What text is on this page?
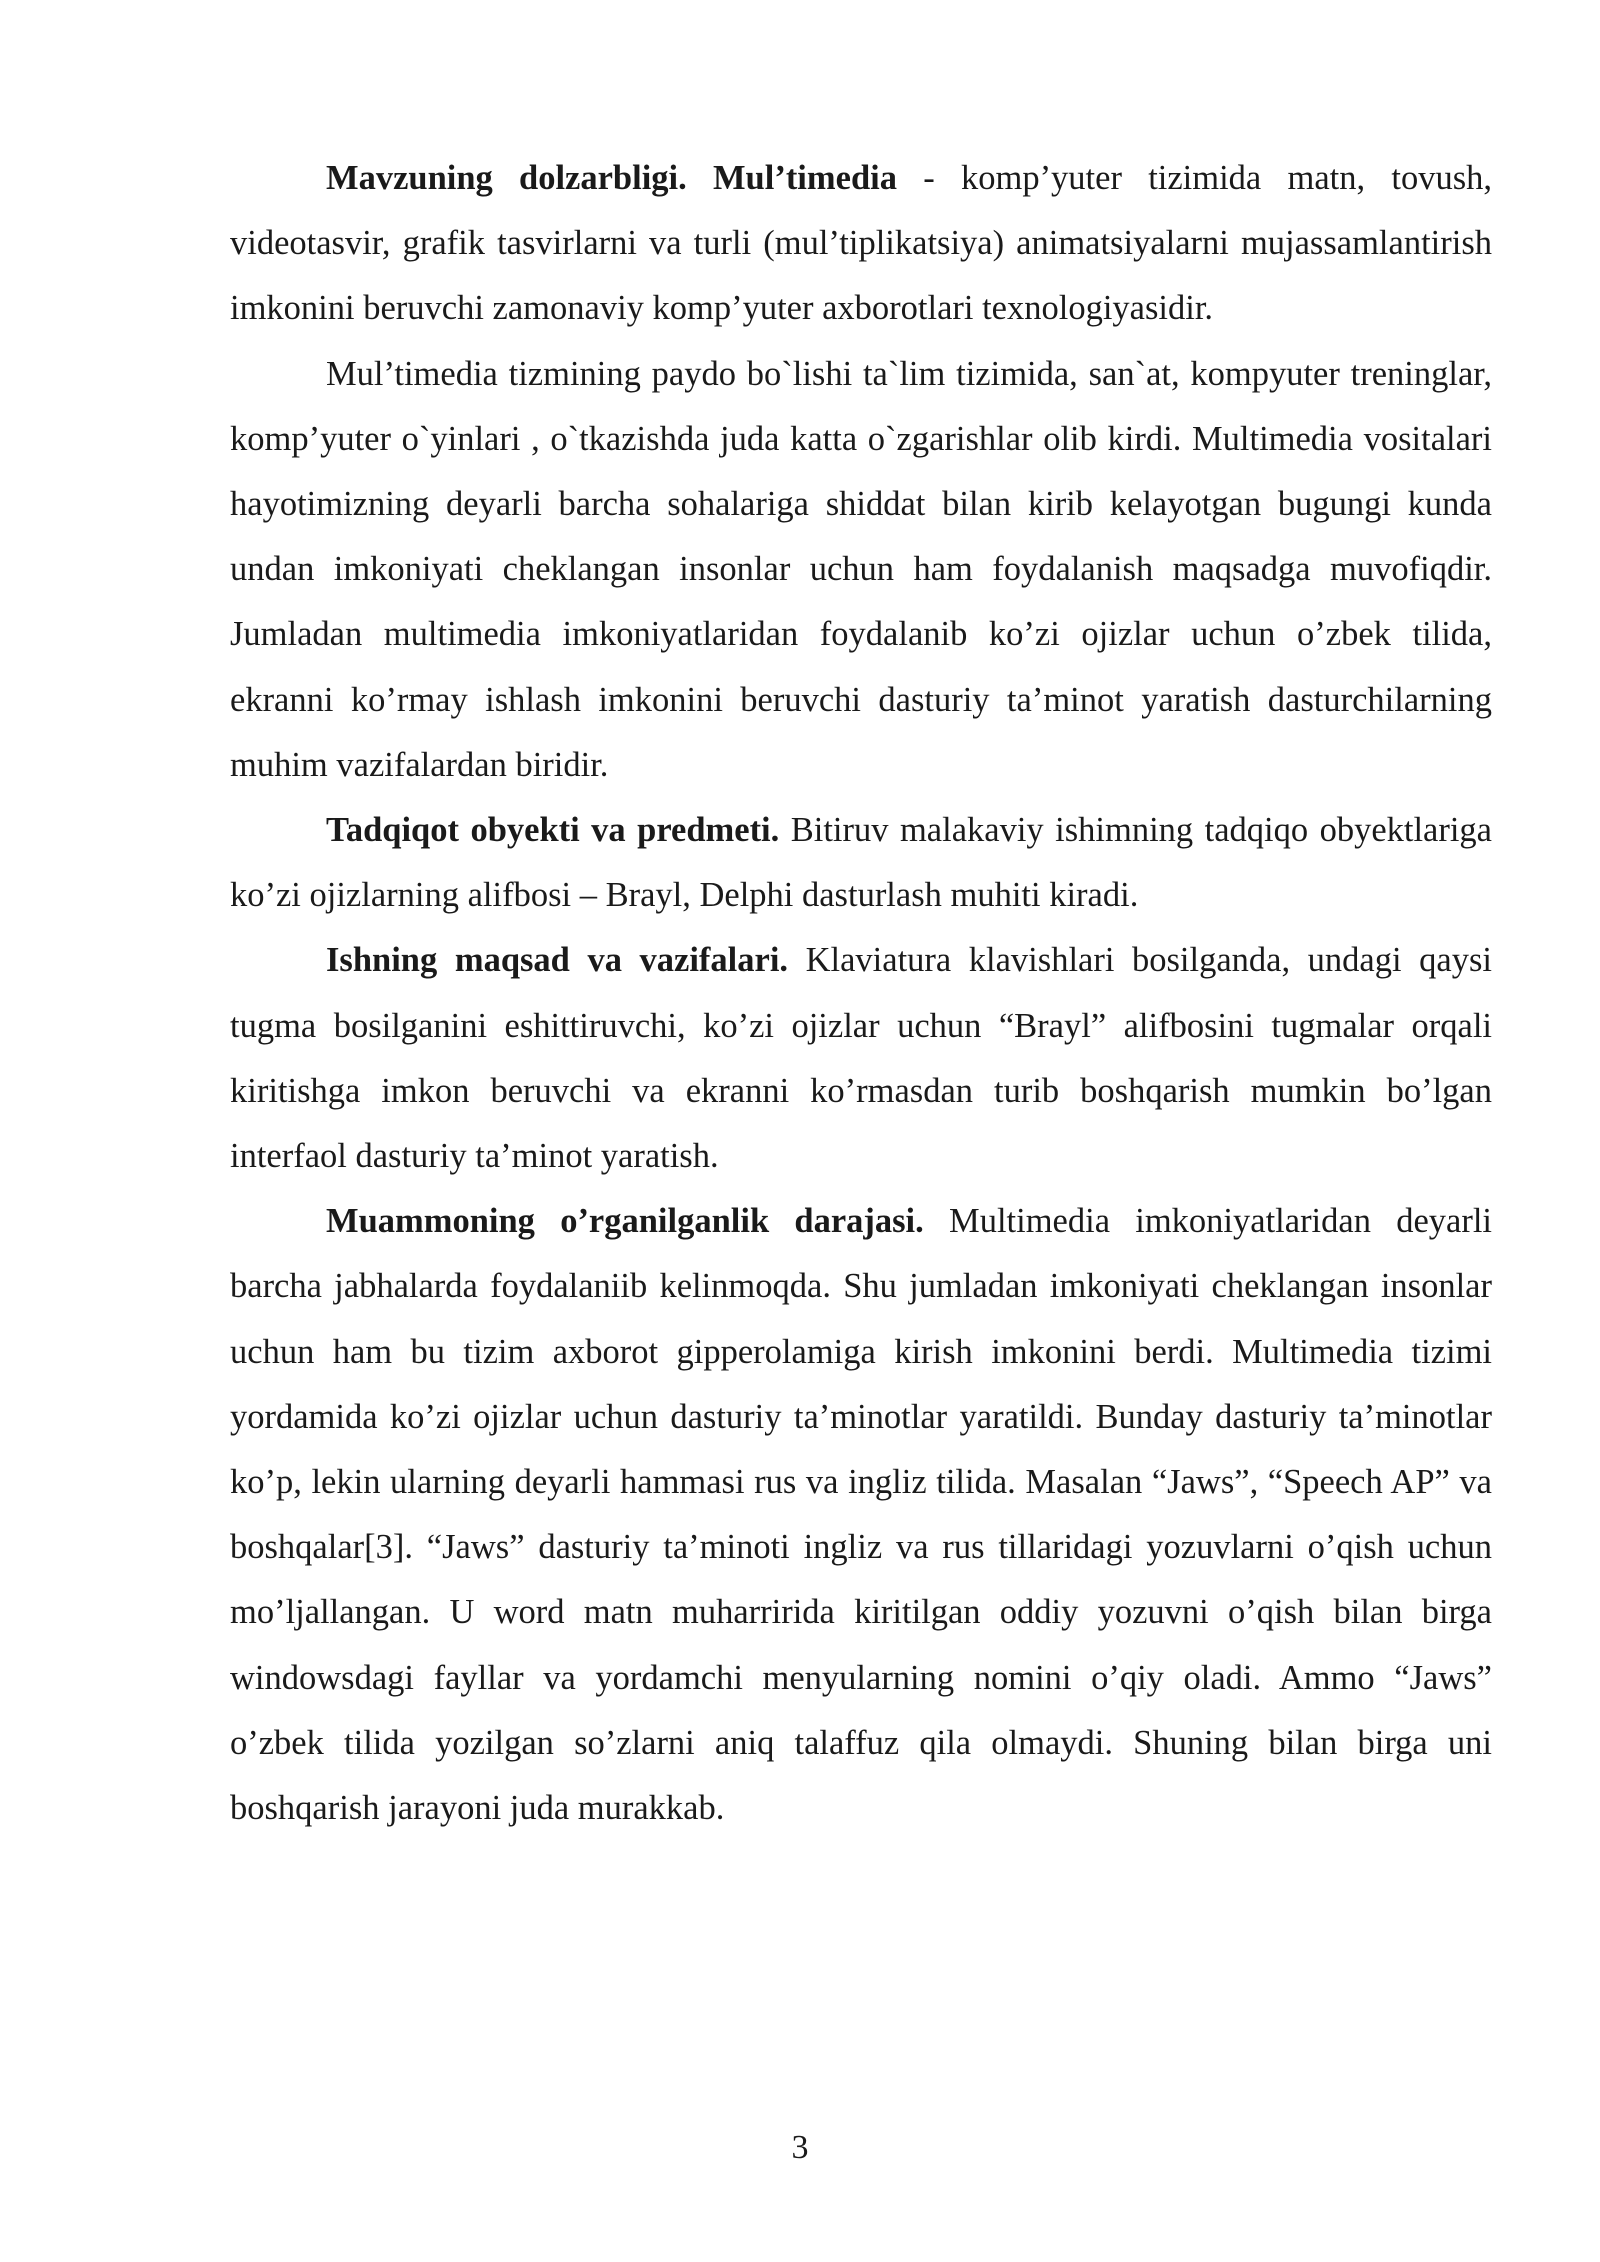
Mavzuning dolzarbligi. Mul’timedia - komp’yuter tizimida matn, tovush, videotasvir, grafik tasvirlarni va turli (mul’tiplikatsiya) animatsiyalarni mujassamlantirish imkonini beruvchi zamonaviy komp’yuter axborotlari texnologiyasidir.

Mul’timedia tizmining paydo bo`lishi ta`lim tizimida, san`at, kompyuter treninglar, komp’yuter o`yinlari , o`tkazishda juda katta o`zgarishlar olib kirdi. Multimedia vositalari hayotimizning deyarli barcha sohalariga shiddat bilan kirib kelayotgan bugungi kunda undan imkoniyati cheklangan insonlar uchun ham foydalanish maqsadga muvofiqdir. Jumladan multimedia imkoniyatlaridan foydalanib ko’zi ojizlar uchun o’zbek tilida, ekranni ko’rmay ishlash imkonini beruvchi dasturiy ta’minot yaratish dasturchilarning muhim vazifalardan biridir.

Tadqiqot obyekti va predmeti. Bitiruv malakaviy ishimning tadqiqo obyektlariga ko’zi ojizlarning alifbosi – Brayl, Delphi dasturlash muhiti kiradi.

Ishning maqsad va vazifalari. Klaviatura klavishlari bosilganda, undagi qaysi tugma bosilganini eshittiruvchi, ko’zi ojizlar uchun “Brayl” alifbosini tugmalar orqali kiritishga imkon beruvchi va ekranni ko’rmasdan turib boshqarish mumkin bo’lgan interfaol dasturiy ta’minot yaratish.

Muammoning o’rganilganlik darajasi. Multimedia imkoniyatlaridan deyarli barcha jabhalarda foydalaniib kelinmoqda. Shu jumladan imkoniyati cheklangan insonlar uchun ham bu tizim axborot gipperolamiga kirish imkonini berdi. Multimedia tizimi yordamida ko’zi ojizlar uchun dasturiy ta’minotlar yaratildi. Bunday dasturiy ta’minotlar ko’p, lekin ularning deyarli hammasi rus va ingliz tilida. Masalan “Jaws”, “Speech AP” va boshqalar[3]. “Jaws” dasturiy ta’minoti ingliz va rus tillaridagi yozuvlarni o’qish uchun mo’ljallangan. U word matn muharririda kiritilgan oddiy yozuvni o’qish bilan birga windowsdagi fayllar va yordamchi menyularning nomini o’qiy oladi. Ammo “Jaws” o’zbek tilida yozilgan so’zlarni aniq talaffuz qila olmaydi. Shuning bilan birga uni boshqarish jarayoni juda murakkab.

3
